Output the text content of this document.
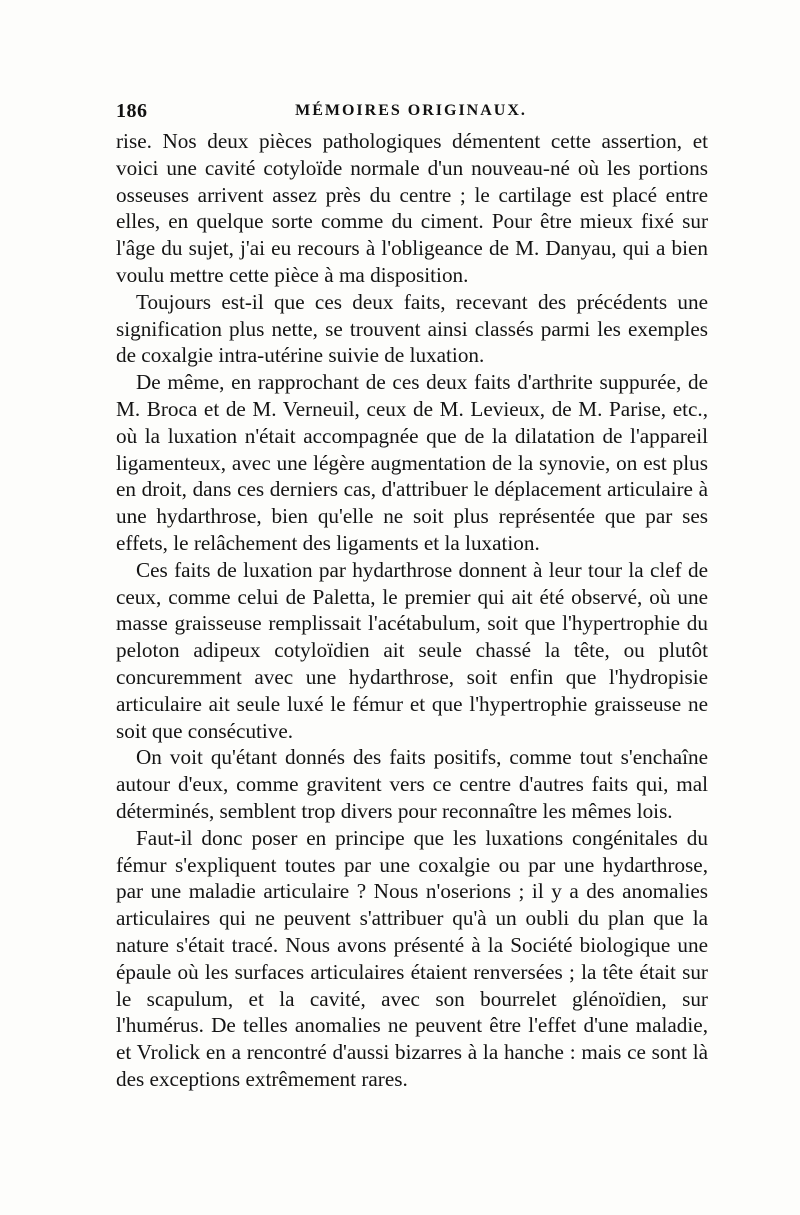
186	MÉMOIRES ORIGINAUX.

rise. Nos deux pièces pathologiques démentent cette assertion, et voici une cavité cotyloïde normale d'un nouveau-né où les portions osseuses arrivent assez près du centre ; le cartilage est placé entre elles, en quelque sorte comme du ciment. Pour être mieux fixé sur l'âge du sujet, j'ai eu recours à l'obligeance de M. Danyau, qui a bien voulu mettre cette pièce à ma disposition.

Toujours est-il que ces deux faits, recevant des précédents une signification plus nette, se trouvent ainsi classés parmi les exemples de coxalgie intra-utérine suivie de luxation.

De même, en rapprochant de ces deux faits d'arthrite suppurée, de M. Broca et de M. Verneuil, ceux de M. Levieux, de M. Parise, etc., où la luxation n'était accompagnée que de la dilatation de l'appareil ligamenteux, avec une légère augmentation de la synovie, on est plus en droit, dans ces derniers cas, d'attribuer le déplacement articulaire à une hydarthrose, bien qu'elle ne soit plus représentée que par ses effets, le relâchement des ligaments et la luxation.

Ces faits de luxation par hydarthrose donnent à leur tour la clef de ceux, comme celui de Paletta, le premier qui ait été observé, où une masse graisseuse remplissait l'acétabulum, soit que l'hypertrophie du peloton adipeux cotyloïdien ait seule chassé la tête, ou plutôt concuremment avec une hydarthrose, soit enfin que l'hydropisie articulaire ait seule luxé le fémur et que l'hypertrophie graisseuse ne soit que consécutive.

On voit qu'étant donnés des faits positifs, comme tout s'enchaîne autour d'eux, comme gravitent vers ce centre d'autres faits qui, mal déterminés, semblent trop divers pour reconnaître les mêmes lois.

Faut-il donc poser en principe que les luxations congénitales du fémur s'expliquent toutes par une coxalgie ou par une hydarthrose, par une maladie articulaire ? Nous n'oserions ; il y a des anomalies articulaires qui ne peuvent s'attribuer qu'à un oubli du plan que la nature s'était tracé. Nous avons présenté à la Société biologique une épaule où les surfaces articulaires étaient renversées ; la tête était sur le scapulum, et la cavité, avec son bourrelet glénoïdien, sur l'humérus. De telles anomalies ne peuvent être l'effet d'une maladie, et Vrolick en a rencontré d'aussi bizarres à la hanche : mais ce sont là des exceptions extrêmement rares.
